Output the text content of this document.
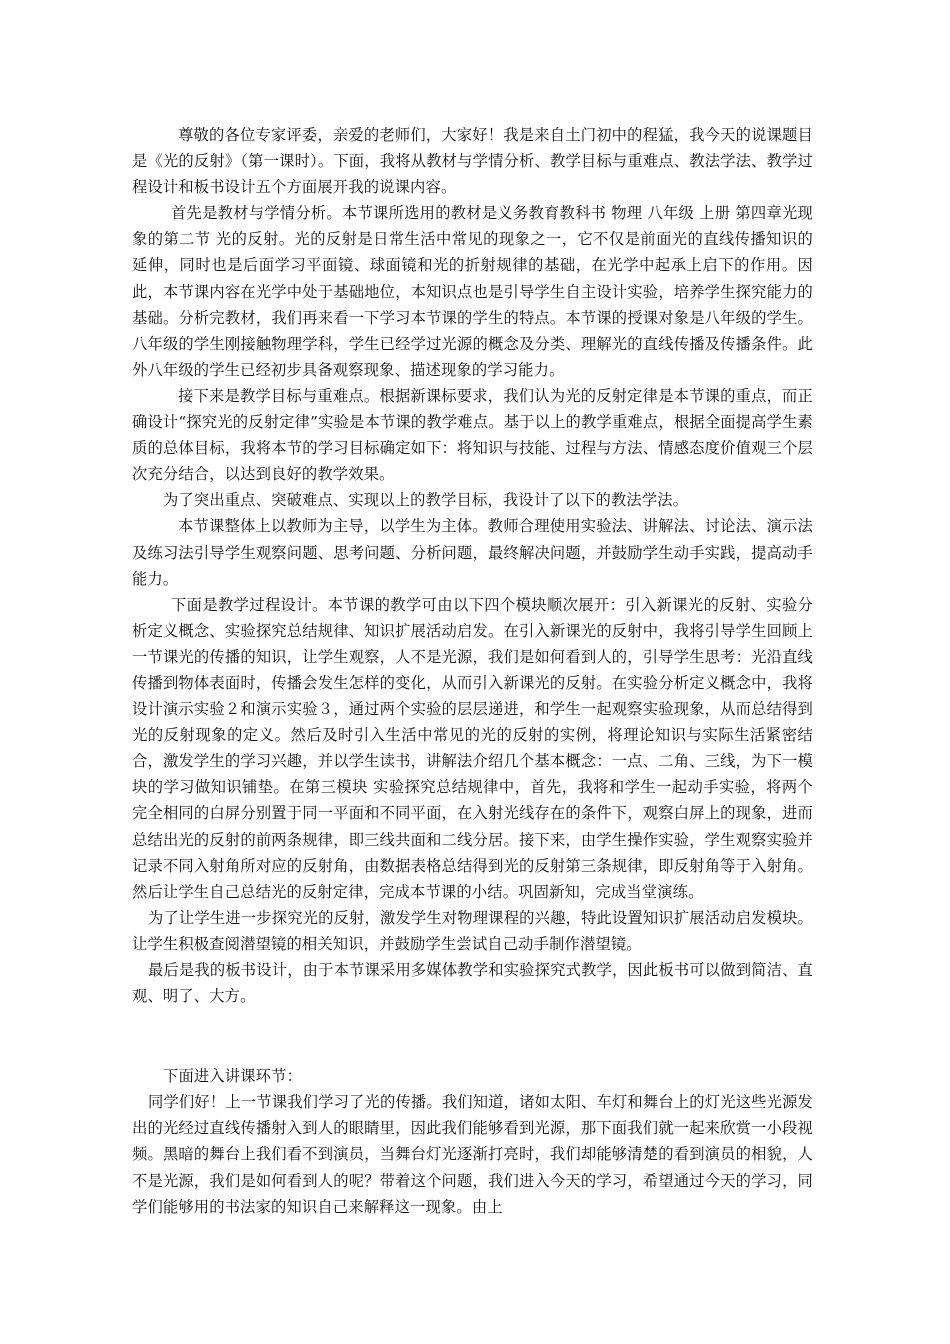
尊敬的各位专家评委，亲爱的老师们，大家好！我是来自土门初中的程猛，我今天的说课题目是《光的反射》（第一课时）。下面，我将从教材与学情分析、教学目标与重难点、教法学法、教学过程设计和板书设计五个方面展开我的说课内容。

首先是教材与学情分析。本节课所选用的教材是义务教育教科书 物理 八年级 上册 第四章光现象的第二节 光的反射。光的反射是日常生活中常见的现象之一，它不仅是前面光的直线传播知识的延伸，同时也是后面学习平面镜、球面镜和光的折射规律的基础，在光学中起承上启下的作用。因此，本节课内容在光学中处于基础地位，本知识点也是引导学生自主设计实验，培养学生探究能力的基础。分析完教材，我们再来看一下学习本节课的学生的特点。本节课的授课对象是八年级的学生。八年级的学生刚接触物理学科，学生已经学过光源的概念及分类、理解光的直线传播及传播条件。此外八年级的学生已经初步具备观察现象、描述现象的学习能力。

接下来是教学目标与重难点。根据新课标要求，我们认为光的反射定律是本节课的重点，而正确设计“探究光的反射定律”实验是本节课的教学难点。基于以上的教学重难点，根据全面提高学生素质的总体目标，我将本节的学习目标确定如下：将知识与技能、过程与方法、情感态度价值观三个层次充分结合，以达到良好的教学效果。

为了突出重点、突破难点、实现以上的教学目标，我设计了以下的教法学法。

本节课整体上以教师为主导，以学生为主体。教师合理使用实验法、讲解法、讨论法、演示法及练习法引导学生观察问题、思考问题、分析问题，最终解决问题，并鼓励学生动手实践，提高动手能力。

下面是教学过程设计。本节课的教学可由以下四个模块顺次展开：引入新课光的反射、实验分析定义概念、实验探究总结规律、知识扩展活动启发。在引入新课光的反射中，我将引导学生回顾上一节课光的传播的知识，让学生观察，人不是光源，我们是如何看到人的，引导学生思考：光沿直线传播到物体表面时，传播会发生怎样的变化，从而引入新课光的反射。在实验分析定义概念中，我将设计演示实验２和演示实验３，通过两个实验的层层递进，和学生一起观察实验现象，从而总结得到光的反射现象的定义。然后及时引入生活中常见的光的反射的实例，将理论知识与实际生活紧密结合，激发学生的学习兴趣，并以学生读书，讲解法介绍几个基本概念：一点、二角、三线，为下一模块的学习做知识铺垫。在第三模块 实验探究总结规律中，首先，我将和学生一起动手实验，将两个完全相同的白屏分别置于同一平面和不同平面，在入射光线存在的条件下，观察白屏上的现象，进而总结出光的反射的前两条规律，即三线共面和二线分居。接下来，由学生操作实验，学生观察实验并记录不同入射角所对应的反射角，由数据表格总结得到光的反射第三条规律，即反射角等于入射角。然后让学生自己总结光的反射定律，完成本节课的小结。巩固新知，完成当堂演练。

为了让学生进一步探究光的反射，激发学生对物理课程的兴趣，特此设置知识扩展活动启发模块。让学生积极查阅潜望镜的相关知识，并鼓励学生尝试自己动手制作潜望镜。

最后是我的板书设计，由于本节课采用多媒体教学和实验探究式教学，因此板书可以做到简洁、直观、明了、大方。

下面进入讲课环节：

同学们好！上一节课我们学习了光的传播。我们知道，诸如太阳、车灯和舞台上的灯光这些光源发出的光经过直线传播射入到人的眼睛里，因此我们能够看到光源，那下面我们就一起来欣赏一小段视频。黑暗的舞台上我们看不到演员，当舞台灯光逐渐打亮时，我们却能够清楚的看到演员的相貌，人不是光源，我们是如何看到人的呢？带着这个问题，我们进入今天的学习，希望通过今天的学习，同学们能够用的书法家的知识自己来解释这一现象。由上
